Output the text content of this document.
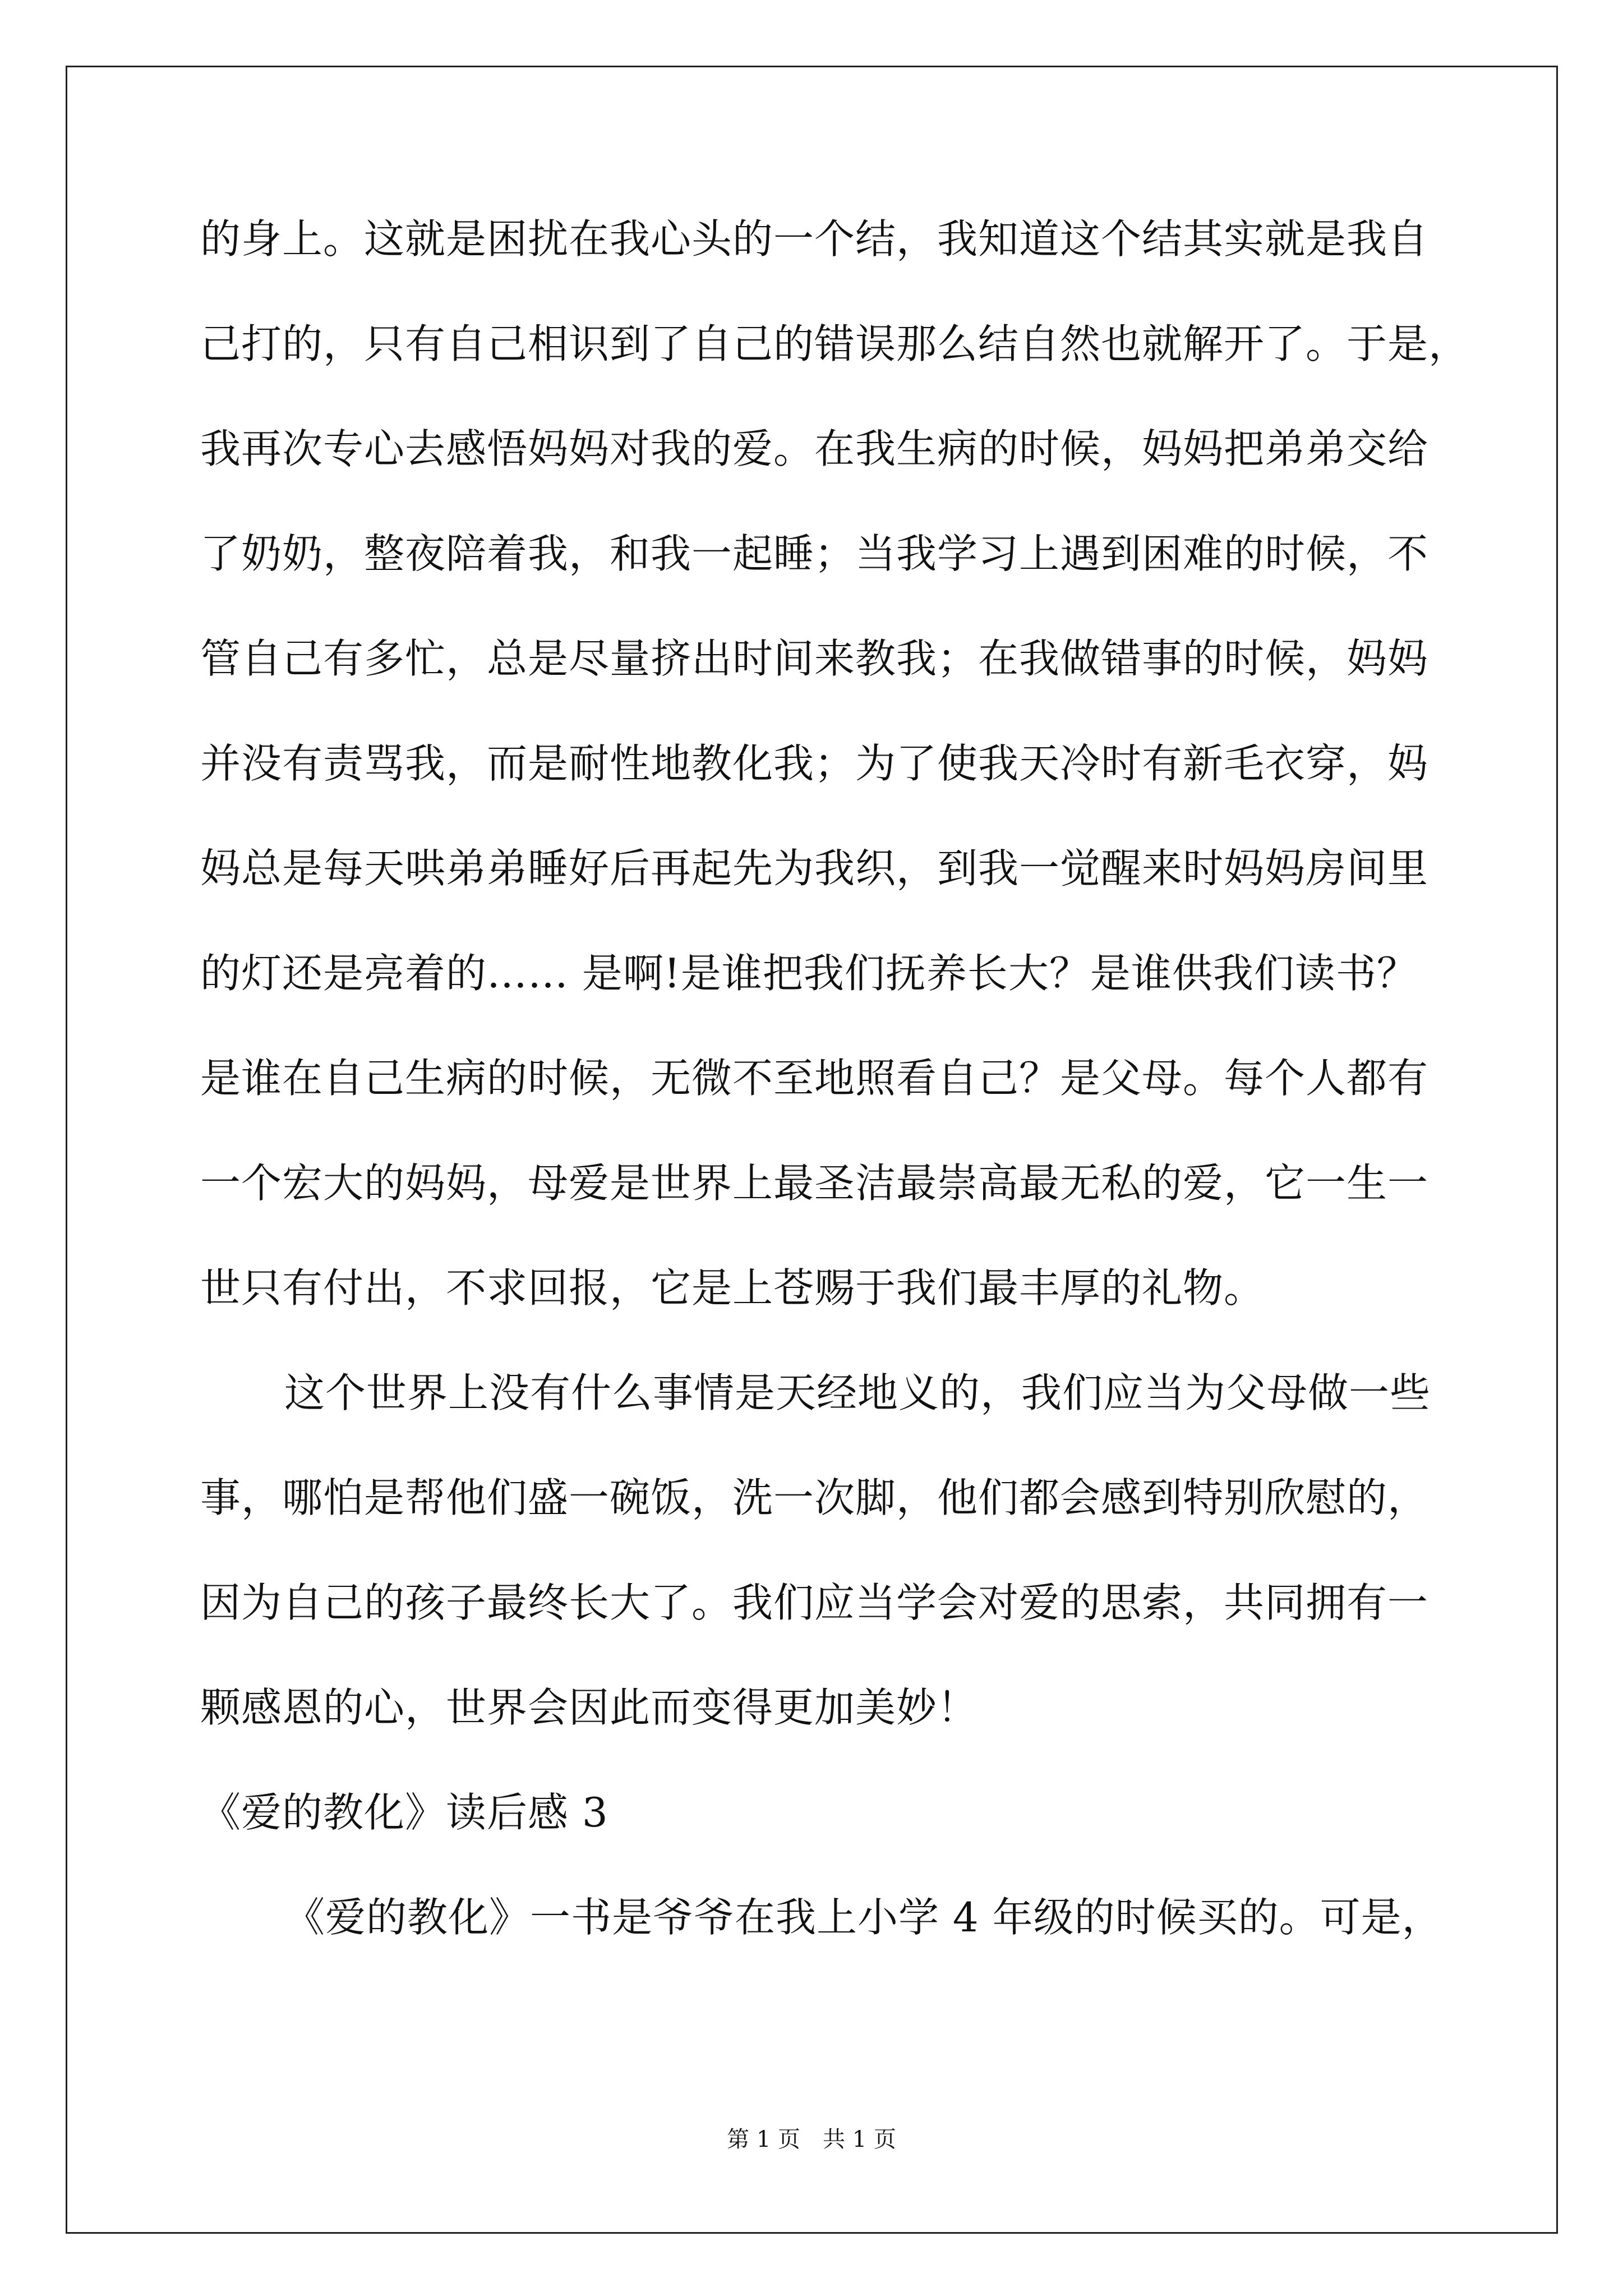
的身上。这就是困扰在我心头的一个结，我知道这个结其实就是我自
己打的，只有自己相识到了自己的错误那么结自然也就解开了。于是，
我再次专心去感悟妈妈对我的爱。在我生病的时候，妈妈把弟弟交给
了奶奶，整夜陪着我，和我一起睡；当我学习上遇到困难的时候，不
管自己有多忙，总是尽量挤出时间来教我；在我做错事的时候，妈妈
并没有责骂我，而是耐性地教化我；为了使我天冷时有新毛衣穿，妈
妈总是每天哄弟弟睡好后再起先为我织，到我一觉醒来时妈妈房间里
的灯还是亮着的…… 是啊!是谁把我们抚养长大？是谁供我们读书？
是谁在自己生病的时候，无微不至地照看自己？是父母。每个人都有
一个宏大的妈妈，母爱是世界上最圣洁最崇高最无私的爱，它一生一
世只有付出，不求回报，它是上苍赐于我们最丰厚的礼物。
这个世界上没有什么事情是天经地义的，我们应当为父母做一些
事，哪怕是帮他们盛一碗饭，洗一次脚，他们都会感到特别欣慰的，
因为自己的孩子最终长大了。我们应当学会对爱的思索，共同拥有一
颗感恩的心，世界会因此而变得更加美妙！
《爱的教化》读后感 3
《爱的教化》一书是爷爷在我上小学 4 年级的时候买的。可是，
第 1 页　共 1 页
